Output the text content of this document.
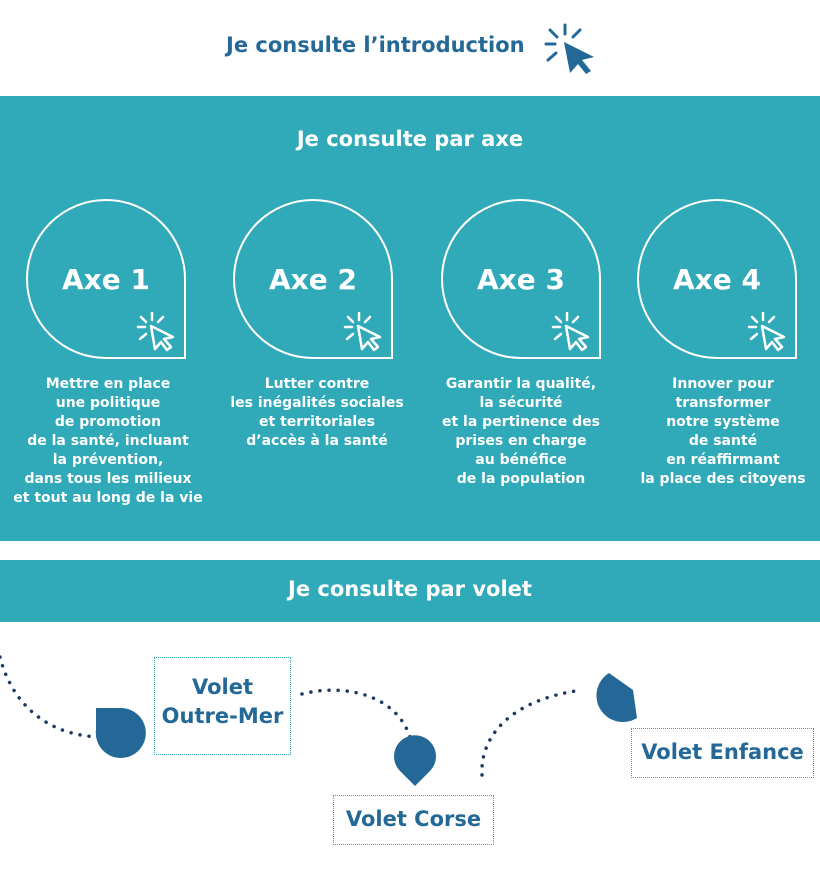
Je consulte l’introduction
Je consulte par axe
Axe 1
Mettre en place
une politique
de promotion
de la santé, incluant
la prévention,
dans tous les milieux
et tout au long de la vie
Axe 2
Lutter contre
les inégalités sociales
et territoriales
d’accès à la santé
Axe 3
Garantir la qualité,
la sécurité
et la pertinence des
prises en charge
au bénéfice
de la population
Axe 4
Innover pour
transformer
notre système
de santé
en réaffirmant
la place des citoyens
Je consulte par volet
Volet
Outre-Mer
Volet Corse
Volet Enfance
